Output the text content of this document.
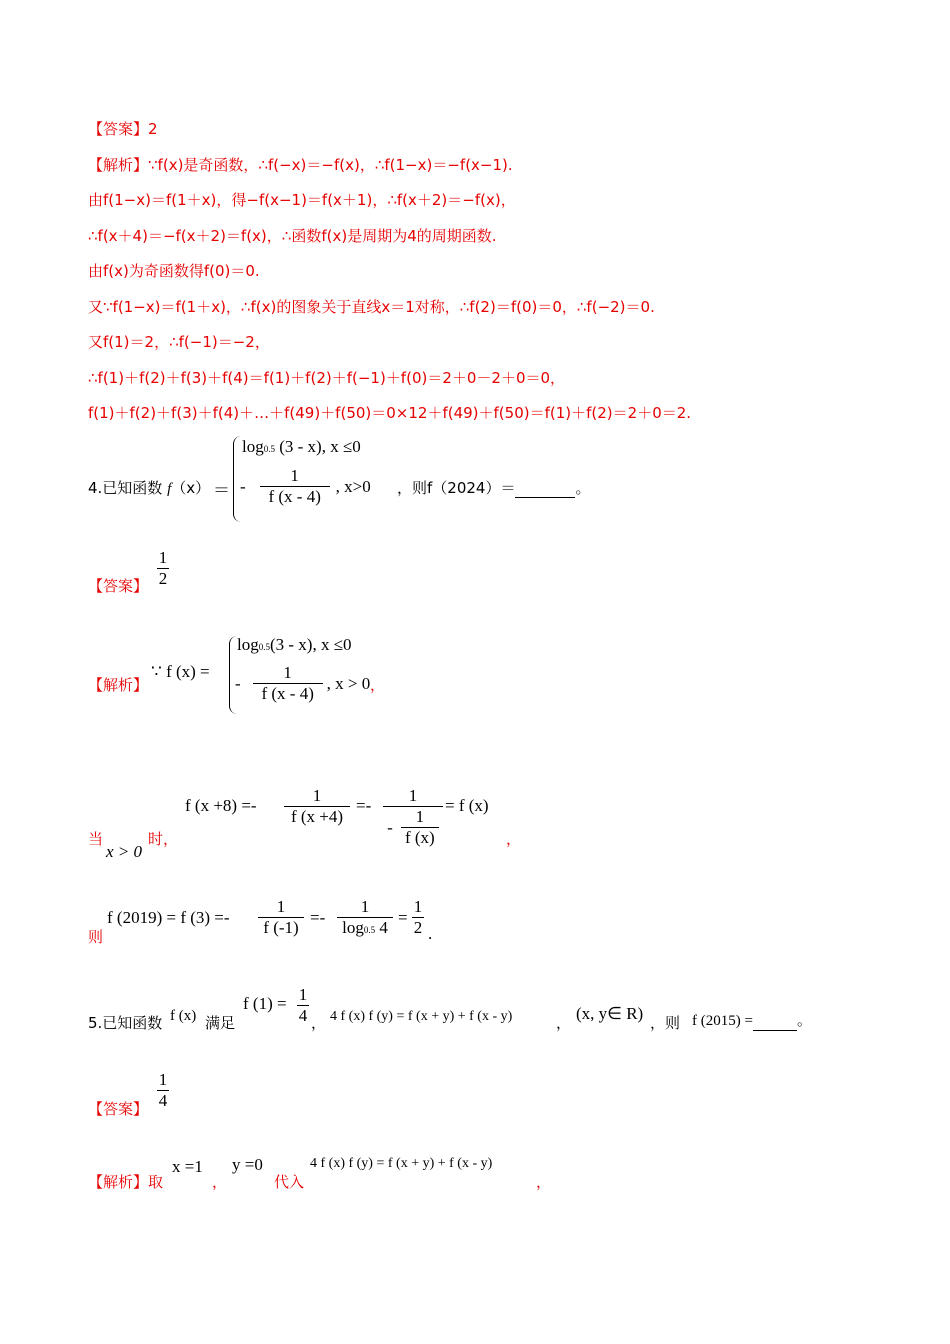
【答案】2
【解析】∵f(x)是奇函数，∴f(−x)＝−f(x)，∴f(1−x)＝−f(x−1).
由f(1−x)＝f(1＋x)，得−f(x−1)＝f(x＋1)，∴f(x＋2)＝−f(x)，
∴f(x＋4)＝−f(x＋2)＝f(x)，∴函数f(x)是周期为4的周期函数.
由f(x)为奇函数得f(0)＝0.
又∵f(1−x)＝f(1＋x)，∴f(x)的图象关于直线x＝1对称，∴f(2)＝f(0)＝0，∴f(−2)＝0.
又f(1)＝2，∴f(−1)＝−2，
∴f(1)＋f(2)＋f(3)＋f(4)＝f(1)＋f(2)＋f(−1)＋f(0)＝2＋0－2＋0＝0，
f(1)＋f(2)＋f(3)＋f(4)＋…＋f(49)＋f(50)＝0×12＋f(49)＋f(50)＝f(1)＋f(2)＝2＋0＝2.
4.已知函数 f（x） ＝
log0.5 (3 - x), x ≤0
- $\frac{1}{f (x - 4)}$ , x>0 ，则f（2024）＝	。
【答案】
1
2
【解析】
∵ f (x) =
log0.5(3 - x), x ≤0
- $\frac{1}{f (x - 4)}$ , x > 0 ，
当
x > 0
时，
f (x +8) =-
1
f (x +4)
=-
1
- $\frac{1}{f (x)}$
= f (x)
，
则
f (2019) = f (3) =-
1
f (-1)
=-
1
log0.5 4
=
1
2 .
5.已知函数 f (x) 满足
f (1) = 1
4 ， 4 f (x) f (y) = f (x + y) + f (x - y)	， (x, y∈ R) ，则 f (2015) =	。
【答案】
1
4
【解析】取
x =1
，
y =0
代入
4 f (x) f (y) = f (x + y) + f (x - y)
，
